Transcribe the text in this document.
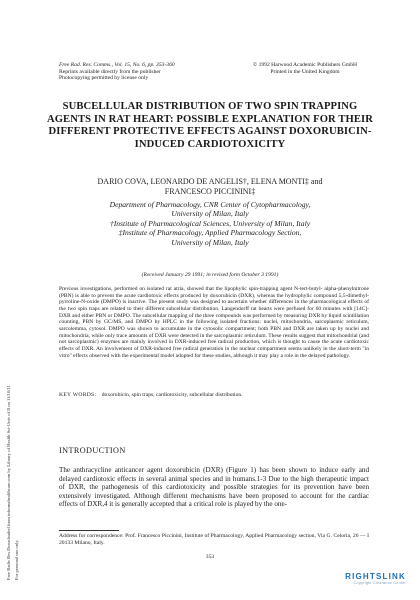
Free Radic Res Downloaded from informahealthcare.com by Library of Health Sci-Univ of Il on 11/10/11 For personal use only.
Free Rad. Res. Comms., Vol. 15, No. 6, pp. 353-360
Reprints available directly from the publisher
Photocopying permitted by license only
© 1992 Harwood Academic Publishers GmbH
Printed in the United Kingdom
SUBCELLULAR DISTRIBUTION OF TWO SPIN TRAPPING AGENTS IN RAT HEART: POSSIBLE EXPLANATION FOR THEIR DIFFERENT PROTECTIVE EFFECTS AGAINST DOXORUBICIN-INDUCED CARDIOTOXICITY
DARIO COVA, LEONARDO DE ANGELIS†, ELENA MONTI‡ and
FRANCESCO PICCININI‡
Department of Pharmacology, CNR Center of Cytopharmacology,
University of Milan, Italy
†Institute of Pharmacological Sciences, University of Milan, Italy
‡Institute of Pharmacology, Applied Pharmacology Section,
University of Milan, Italy
(Received January 29 1991; in revised form October 3 1991)
Previous investigations, performed on isolated rat atria, showed that the lipophylic spin-trapping agent N-tert-butyl- alpha-phenylnitrone (PBN) is able to prevent the acute cardiotoxic effects produced by doxorubicin (DXR), whereas the hydrophylic compound 5,5-dimethyl-pyrroline-N-oxide (DMPO) is inactive. The present study was designed to ascertain whether differences in the pharmacological effects of the two spin traps are related to their different subcellular distribution. Langendorff rat hearts were perfused for 60 minutes with [14C]-DXR and either PBN or DMPO. The subcellular mapping of the three compounds was performed by measuring DXR by liquid scintillation counting, PBN by GC/MS, and DMPO by HPLC in the following isolated fractions: nuclei, mitochondria, sarcoplasmic reticulum, sarcolemma, cytosol. DMPO was shown to accumulate in the cytosolic compartment; both PBN and DXR are taken up by nuclei and mitochondria, while only trace amounts of DXR were detected in the sarcoplasmic reticulum. These results suggest that mitochondrial (and not sarcoplasmic) enzymes are mainly involved in DXR-induced free radical production, which is thought to cause the acute cardiotoxic effects of DXR. An involvement of DXR-induced free radical generation in the nuclear compartment seems unlikely in the short-term "in vitro" effects observed with the experimental model adopted for these studies, although it may play a role in the delayed pathology.
KEY WORDS: doxorubicin, spin traps, cardiotoxicity, subcellular distribution.
INTRODUCTION
The anthracycline anticancer agent doxorubicin (DXR) (Figure 1) has been shown to induce early and delayed cardiotoxic effects in several animal species and in humans.1-3 Due to the high therapeutic impact of DXR, the pathogenesis of this cardiotoxicity and possible strategies for its prevention have been extensively investigated. Although different mechanisms have been proposed to account for the cardiac effects of DXR,4 it is generally accepted that a critical role is played by the one-
Address for correspondence: Prof. Francesco Piccinini, Institute of Pharmacology, Applied Pharmacology section, Via G. Celoria, 26 — I 20133 Milano, Italy.
353
RIGHTSLINK
Copyright Clearance Center
